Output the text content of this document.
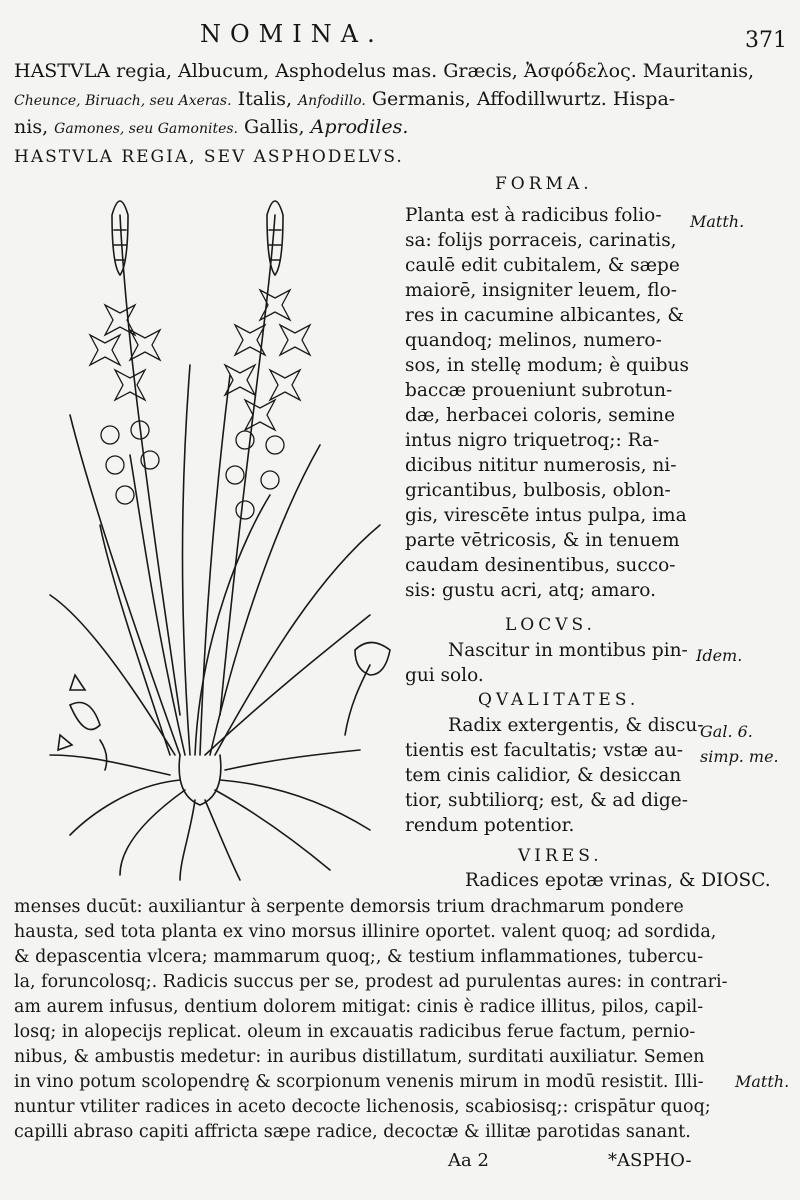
NOMINA.	371
HASTVLA regia, Albucum, Asphodelus mas. Græcis, Ἀσφόδελος. Mauritanis,
Cheunce, Biruach, seu Axeras. Italis, Anfodillo. Germanis, Affodillwurtz. Hispa-
nis, Gamones, seu Gamonites. Gallis, Aprodiles.
HASTVLA REGIA, SEV ASPHODELVS.
FORMA.
Matth.
Planta est à radicibus folio-
sa: folijs porraceis, carinatis,
caulē edit cubitalem, & sæpe
maiorē, insigniter leuem, flo-
res in cacumine albicantes, &
quandoq; melinos, numero-
sos, in stellę modum; è quibus
baccæ proueniunt subrotun-
dæ, herbacei coloris, semine
intus nigro triquetroq;: Ra-
dicibus nititur numerosis, ni-
gricantibus, bulbosis, oblon-
gis, virescēte intus pulpa, ima
parte vētricosis, & in tenuem
caudam desinentibus, succo-
sis: gustu acri, atq; amaro.
LOCVS.
Nascitur in montibus pin-
gui solo.
Idem.
QVALITATES.
Radix extergentis, & discu-
tientis est facultatis; vstæ au-
tem cinis calidior, & desiccan
tior, subtiliorq; est, & ad dige-
rendum potentior.
Gal. 6.
simp. me.
VIRES.
Radices epotæ vrinas, & DIOSC.
menses ducūt: auxiliantur à serpente demorsis trium drachmarum pondere
hausta, sed tota planta ex vino morsus illinire oportet. valent quoq; ad sordida,
& depascentia vlcera; mammarum quoq;, & testium inflammationes, tubercu-
la, foruncolosq;. Radicis succus per se, prodest ad purulentas aures: in contrari-
am aurem infusus, dentium dolorem mitigat: cinis è radice illitus, pilos, capil-
losq; in alopecijs replicat. oleum in excauatis radicibus ferue factum, pernio-
nibus, & ambustis medetur: in auribus distillatum, surditati auxiliatur. Semen
in vino potum scolopendrę & scorpionum venenis mirum in modū resistit. Illi-
nuntur vtiliter radices in aceto decocte lichenosis, scabiosisq;: crispātur quoq;
capilli abraso capiti affricta sæpe radice, decoctæ & illitæ parotidas sanant.
Matth.
Aa 2	*ASPHO-
